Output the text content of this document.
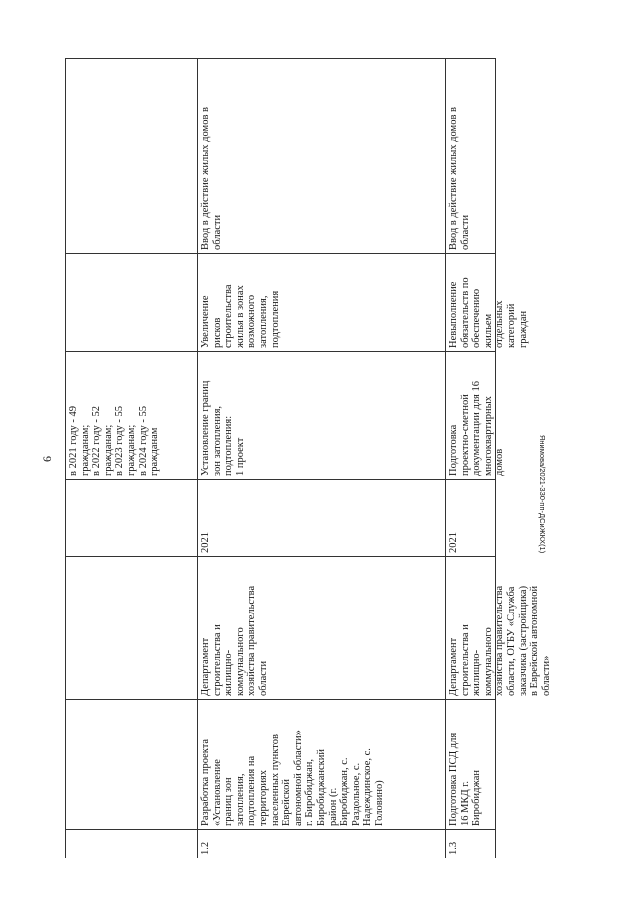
6	Янимова/2021-330-пп-ДСиЖКХ(1)
в 2021 году - 49 гражданам; в 2022 году - 52 гражданам; в 2023 году - 55 гражданам; в 2024 году - 55 гражданам
1.2
Разработка проекта «Установление границ зон затопления, подтопления на территориях населенных пунктов Еврейской автономной области» г. Биробиджан, Биробиджанский район (г. Биробиджан, с. Раздольное, с. Надеждинское, с. Головино)
Департамент строительства и жилищно- коммунального хозяйства правительства области
2021
Установление границ зон затопления, подтопления: 1 проект
Увеличение рисков строительства жилья в зонах возможного затопления, подтопления
Ввод в действие жилых домов в области
1.3
Подготовка ПСД для 16 МКД г. Биробиджан
Департамент строительства и жилищно- коммунального хозяйства правительства области, ОГБУ «Служба заказчика (застройщика) в Еврейской автономной области»
2021
Подготовка проектно-сметной документации для 16 многоквартирных домов
Невыполнение обязательств по обеспечению жильем отдельных категорий граждан
Ввод в действие жилых домов в области
